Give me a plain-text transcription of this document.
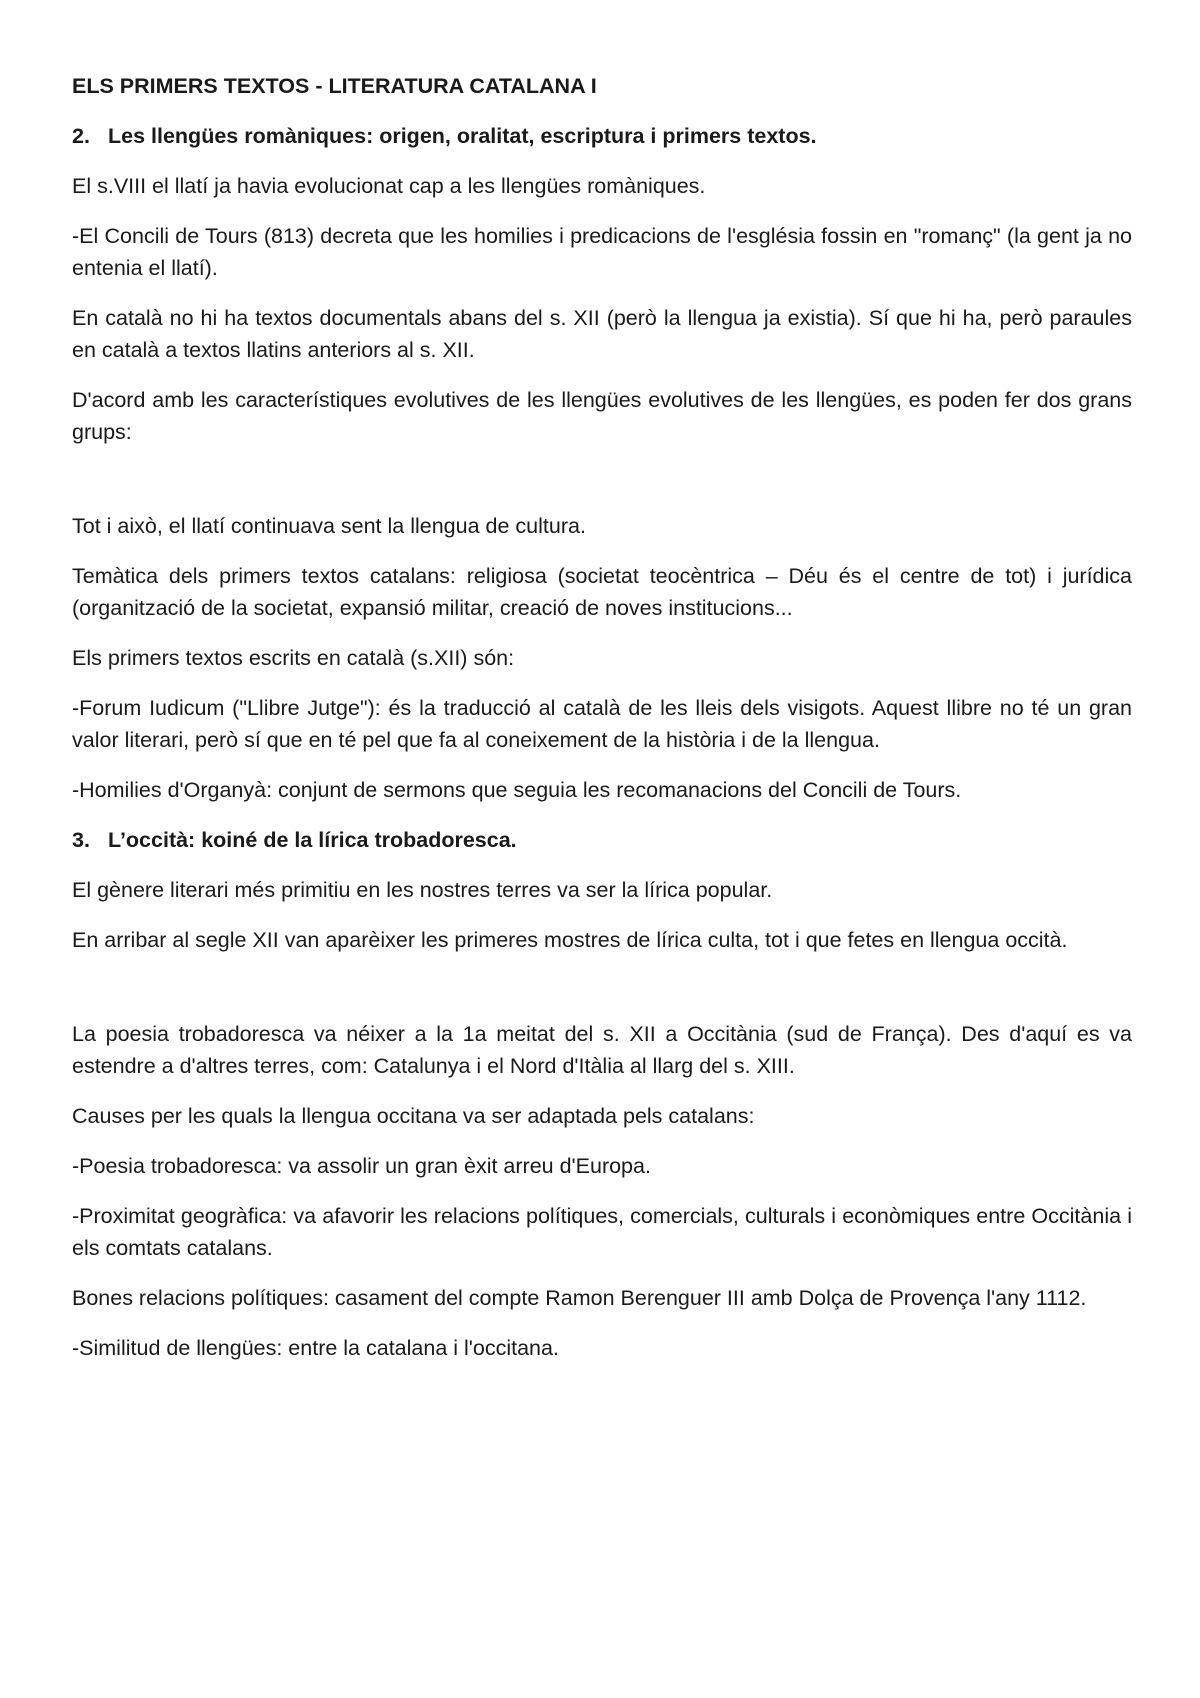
ELS PRIMERS TEXTOS - LITERATURA CATALANA I
2. Les llengües romàniques: origen, oralitat, escriptura i primers textos.

El s.VIII el llatí ja havia evolucionat cap a les llengües romàniques.

-El Concili de Tours (813) decreta que les homilies i predicacions de l'església fossin en "romanç" (la gent ja no entenia el llatí).

En català no hi ha textos documentals abans del s. XII (però la llengua ja existia). Sí que hi ha, però paraules en català a textos llatins anteriors al s. XII.

D'acord amb les característiques evolutives de les llengües evolutives de les llengües, es poden fer dos grans grups:

Tot i això, el llatí continuava sent la llengua de cultura.

Temàtica dels primers textos catalans: religiosa (societat teocèntrica – Déu és el centre de tot) i jurídica (organització de la societat, expansió militar, creació de noves institucions...

Els primers textos escrits en català (s.XII) són:

-Forum Iudicum ("Llibre Jutge"): és la traducció al català de les lleis dels visigots. Aquest llibre no té un gran valor literari, però sí que en té pel que fa al coneixement de la història i de la llengua.

-Homilies d'Organyà: conjunt de sermons que seguia les recomanacions del Concili de Tours.

3. L’occità: koiné de la lírica trobadoresca.

El gènere literari més primitiu en les nostres terres va ser la lírica popular.

En arribar al segle XII van aparèixer les primeres mostres de lírica culta, tot i que fetes en llengua occità.

La poesia trobadoresca va néixer a la 1a meitat del s. XII a Occitània (sud de França). Des d'aquí es va estendre a d'altres terres, com: Catalunya i el Nord d'Itàlia al llarg del s. XIII.

Causes per les quals la llengua occitana va ser adaptada pels catalans:

-Poesia trobadoresca: va assolir un gran èxit arreu d'Europa.

-Proximitat geogràfica: va afavorir les relacions polítiques, comercials, culturals i econòmiques entre Occitània i els comtats catalans.

Bones relacions polítiques: casament del compte Ramon Berenguer III amb Dolça de Provença l'any 1112.

-Similitud de llengües: entre la catalana i l'occitana.
